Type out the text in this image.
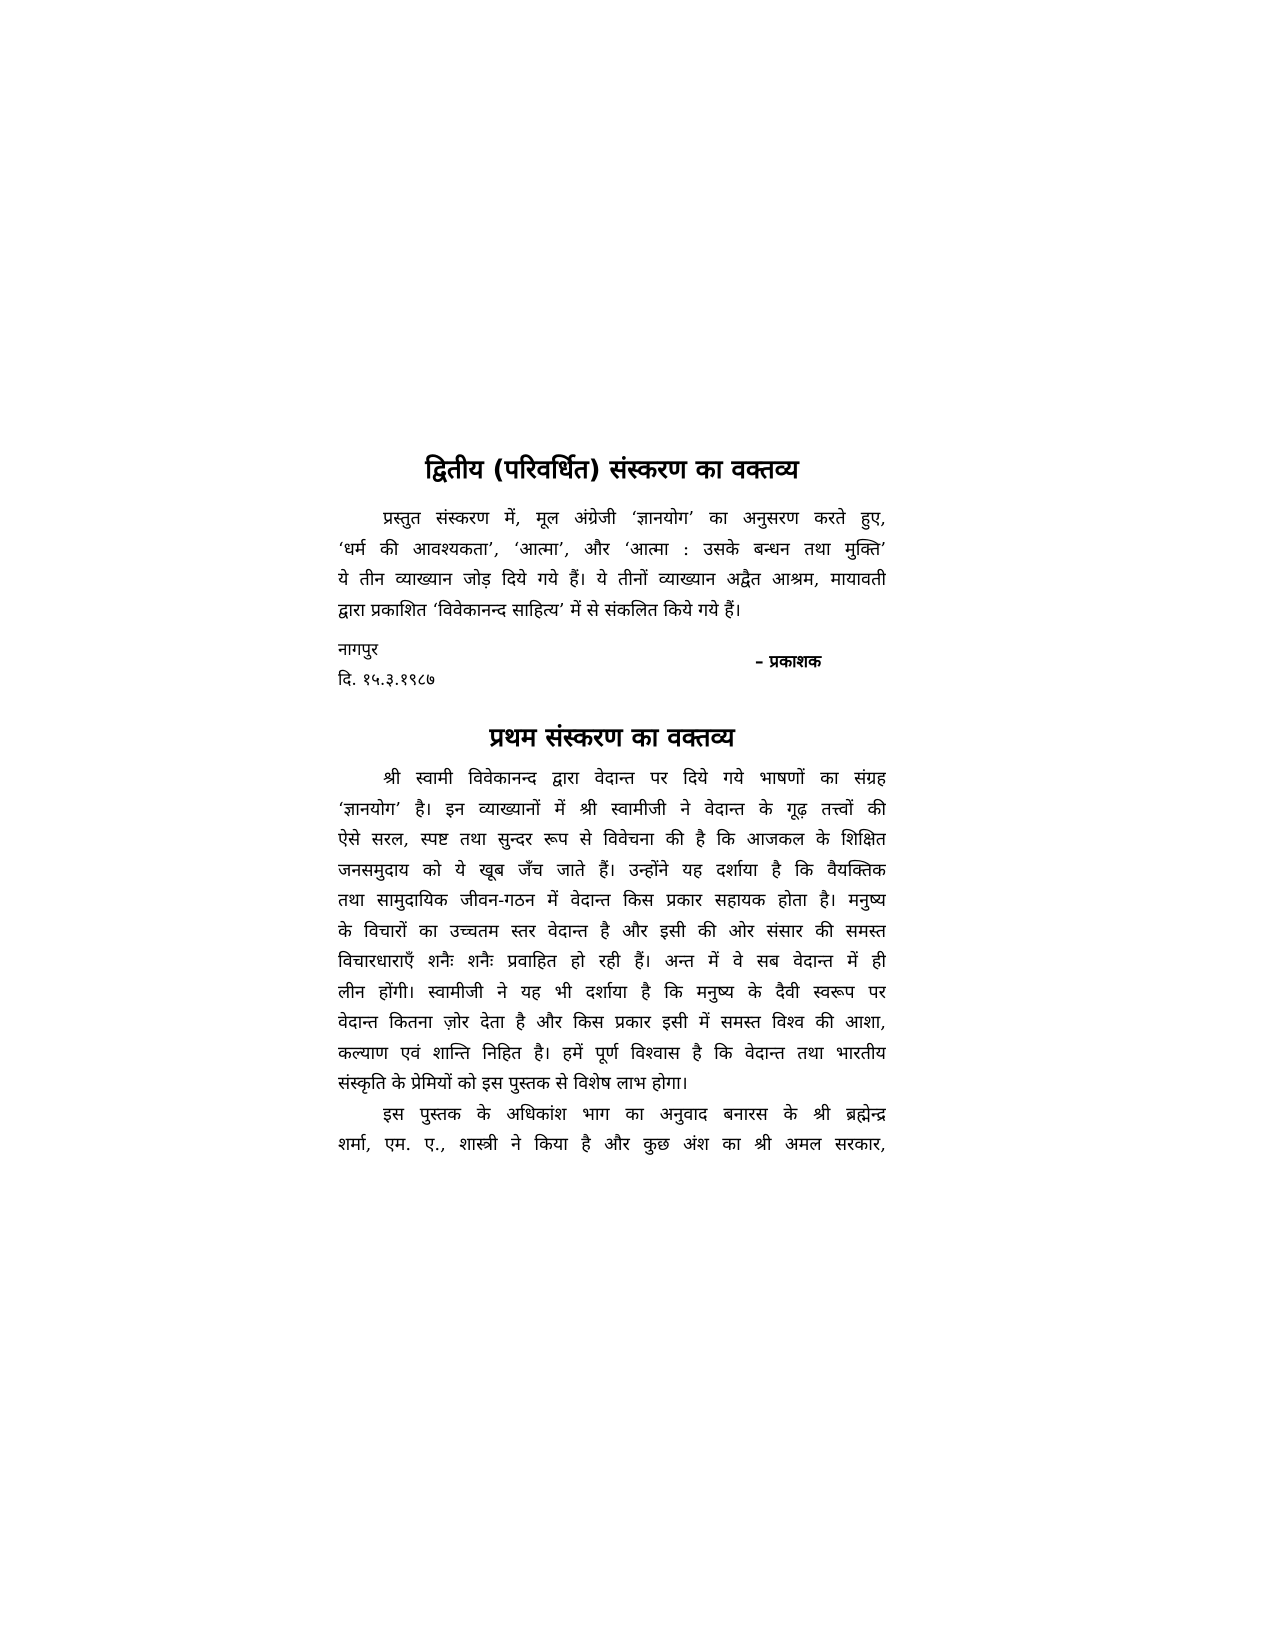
द्वितीय (परिवर्धित) संस्करण का वक्तव्य
प्रस्तुत संस्करण में, मूल अंग्रेजी ‘ज्ञानयोग’ का अनुसरण करते हुए,
‘धर्म की आवश्यकता’, ‘आत्मा’, और ‘आत्मा : उसके बन्धन तथा मुक्ति’
ये तीन व्याख्यान जोड़ दिये गये हैं। ये तीनों व्याख्यान अद्वैत आश्रम, मायावती
द्वारा प्रकाशित ‘विवेकानन्द साहित्य’ में से संकलित किये गये हैं।
नागपुर
दि. १५.३.१९८७
– प्रकाशक
प्रथम संस्करण का वक्तव्य
श्री स्वामी विवेकानन्द द्वारा वेदान्त पर दिये गये भाषणों का संग्रह
‘ज्ञानयोग’ है। इन व्याख्यानों में श्री स्वामीजी ने वेदान्त के गूढ़ तत्त्वों की
ऐसे सरल, स्पष्ट तथा सुन्दर रूप से विवेचना की है कि आजकल के शिक्षित
जनसमुदाय को ये खूब जँच जाते हैं। उन्होंने यह दर्शाया है कि वैयक्तिक
तथा सामुदायिक जीवन-गठन में वेदान्त किस प्रकार सहायक होता है। मनुष्य
के विचारों का उच्चतम स्तर वेदान्त है और इसी की ओर संसार की समस्त
विचारधाराएँ शनैः शनैः प्रवाहित हो रही हैं। अन्त में वे सब वेदान्त में ही
लीन होंगी। स्वामीजी ने यह भी दर्शाया है कि मनुष्य के दैवी स्वरूप पर
वेदान्त कितना ज़ोर देता है और किस प्रकार इसी में समस्त विश्व की आशा,
कल्याण एवं शान्ति निहित है। हमें पूर्ण विश्वास है कि वेदान्त तथा भारतीय
संस्कृति के प्रेमियों को इस पुस्तक से विशेष लाभ होगा।
इस पुस्तक के अधिकांश भाग का अनुवाद बनारस के श्री ब्रह्मेन्द्र
शर्मा, एम. ए., शास्त्री ने किया है और कुछ अंश का श्री अमल सरकार,
